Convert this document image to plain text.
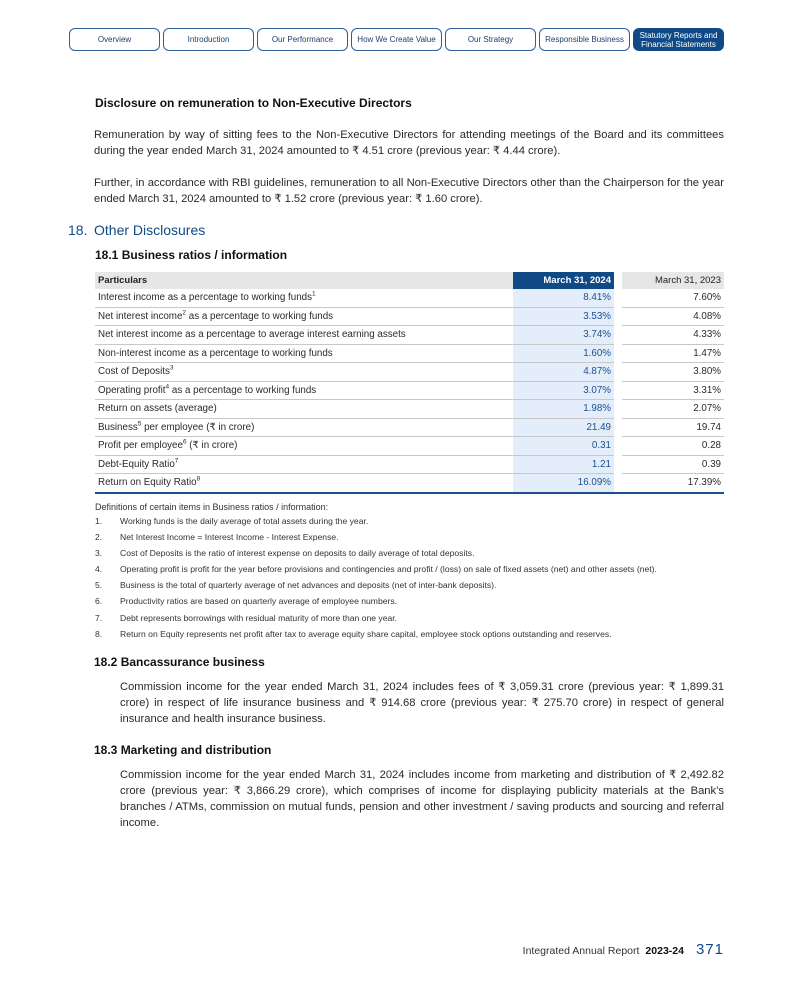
Overview	Introduction	Our Performance	How We Create Value	Our Strategy	Responsible Business Statutory Reports and
Financial Statements
Disclosure on remuneration to Non-Executive Directors
Remuneration by way of sitting fees to the Non-Executive Directors for attending meetings of the Board and its committees during the year ended March 31, 2024 amounted to ₹ 4.51 crore (previous year: ₹ 4.44 crore).
Further, in accordance with RBI guidelines, remuneration to all Non-Executive Directors other than the Chairperson for the year ended March 31, 2024 amounted to ₹ 1.52 crore (previous year: ₹ 1.60 crore).
18. Other Disclosures
18.1 Business ratios / information
Particulars	March 31, 2024		March 31, 2023
Interest income as a percentage to working funds$^1$	8.41%		7.60%
Net interest income$^2$ as a percentage to working funds	3.53%		4.08%
Net interest income as a percentage to average interest earning assets	3.74%		4.33%
Non-interest income as a percentage to working funds	1.60%		1.47%
Cost of Deposits$^3$	4.87%		3.80%
Operating profit$^4$ as a percentage to working funds	3.07%		3.31%
Return on assets (average)	1.98%		2.07%
Business$^5$ per employee (₹ in crore)	21.49		19.74
Profit per employee$^6$ (₹ in crore)	0.31		0.28
Debt-Equity Ratio$^7$	1.21		0.39
Return on Equity Ratio$^8$	16.09%		17.39%
Definitions of certain items in Business ratios / information:
1.	Working funds is the daily average of total assets during the year.
2.	Net Interest Income = Interest Income - Interest Expense.
3.	Cost of Deposits is the ratio of interest expense on deposits to daily average of total deposits.
4.	Operating profit is profit for the year before provisions and contingencies and profit / (loss) on sale of fixed assets (net) and other assets (net).
5.	Business is the total of quarterly average of net advances and deposits (net of inter-bank deposits).
6.	Productivity ratios are based on quarterly average of employee numbers.
7.	Debt represents borrowings with residual maturity of more than one year.
8.	Return on Equity represents net profit after tax to average equity share capital, employee stock options outstanding and reserves.
18.2 Bancassurance business
Commission income for the year ended March 31, 2024 includes fees of ₹ 3,059.31 crore (previous year: ₹ 1,899.31 crore) in respect of life insurance business and ₹ 914.68 crore (previous year: ₹ 275.70 crore) in respect of general insurance and health insurance business.
18.3 Marketing and distribution
Commission income for the year ended March 31, 2024 includes income from marketing and distribution of ₹ 2,492.82 crore (previous year: ₹ 3,866.29 crore), which comprises of income for displaying publicity materials at the Bank’s branches / ATMs, commission on mutual funds, pension and other investment / saving products and sourcing and referral income.
Integrated Annual Report 2023-24 371
